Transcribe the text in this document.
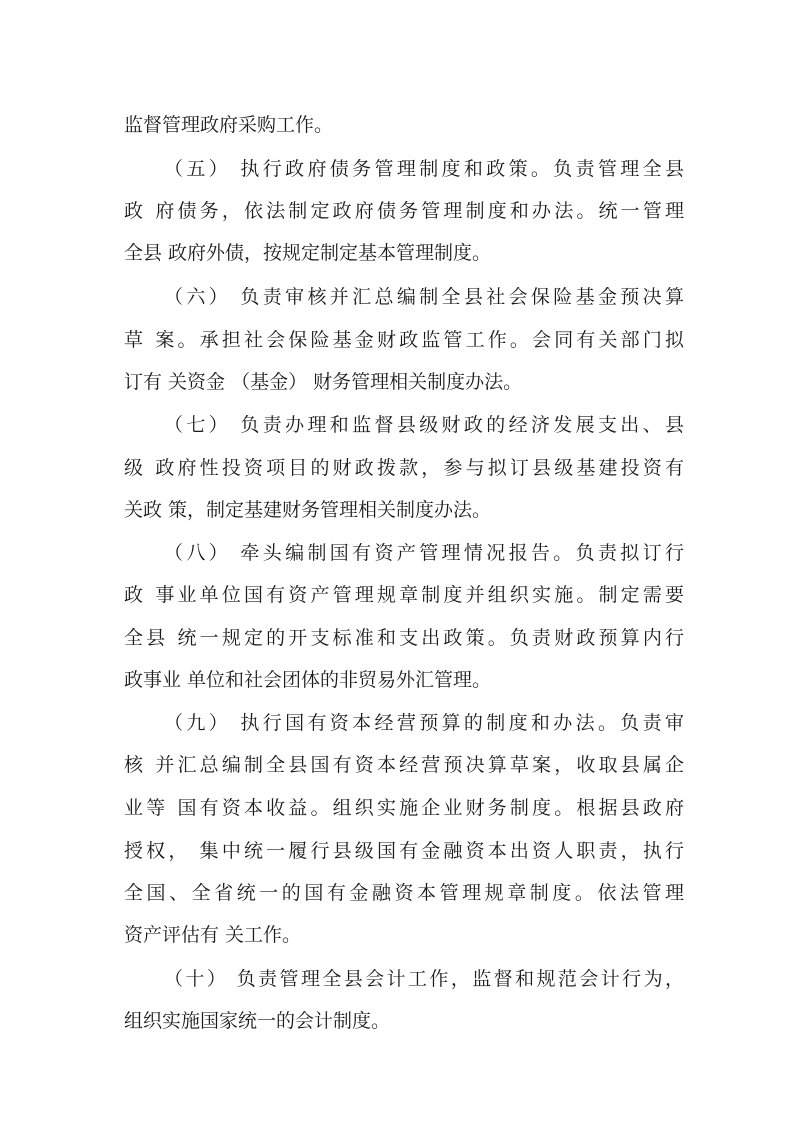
监督管理政府采购工作。
（五） 执行政府债务管理制度和政策。负责管理全县
政 府债务，依法制定政府债务管理制度和办法。统一管理
全县 政府外债，按规定制定基本管理制度。
（六） 负责审核并汇总编制全县社会保险基金预决算
草 案。承担社会保险基金财政监管工作。会同有关部门拟
订有 关资金 （基金） 财务管理相关制度办法。
（七） 负责办理和监督县级财政的经济发展支出、县
级 政府性投资项目的财政拨款，参与拟订县级基建投资有
关政 策，制定基建财务管理相关制度办法。
（八） 牵头编制国有资产管理情况报告。负责拟订行
政 事业单位国有资产管理规章制度并组织实施。制定需要
全县 统一规定的开支标准和支出政策。负责财政预算内行
政事业 单位和社会团体的非贸易外汇管理。
（九） 执行国有资本经营预算的制度和办法。负责审
核 并汇总编制全县国有资本经营预决算草案，收取县属企
业等 国有资本收益。组织实施企业财务制度。根据县政府
授权， 集中统一履行县级国有金融资本出资人职责，执行
全国、全省统一的国有金融资本管理规章制度。依法管理
资产评估有 关工作。
（十） 负责管理全县会计工作，监督和规范会计行为，
组织实施国家统一的会计制度。
